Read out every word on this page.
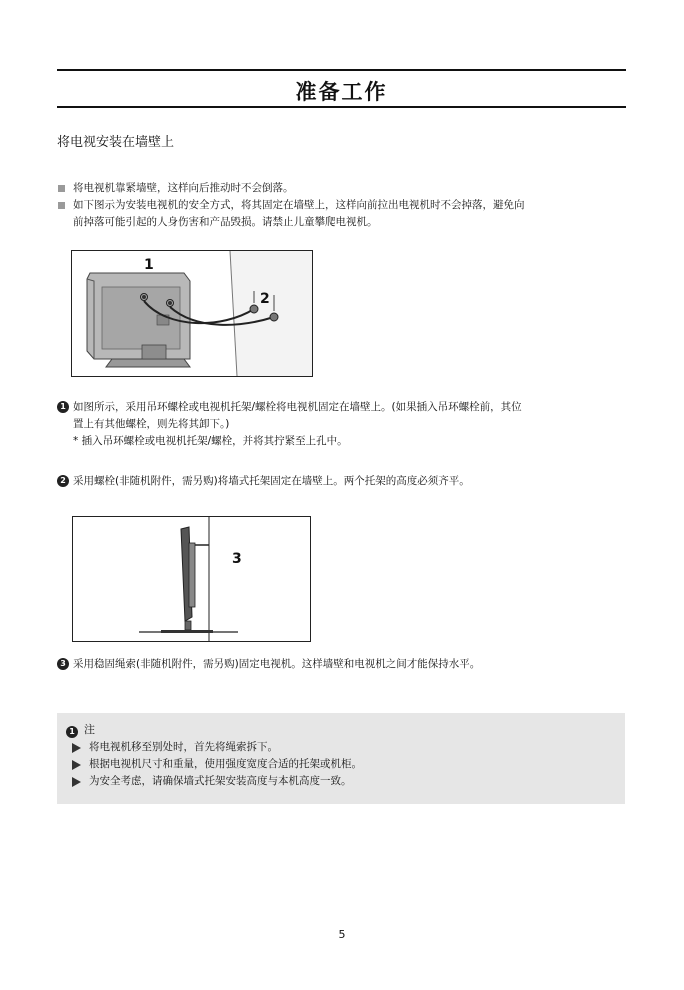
准备工作
将电视安装在墙壁上
将电视机靠紧墙壁，这样向后推动时不会倒落。
如下图示为安装电视机的安全方式，将其固定在墙壁上，这样向前拉出电视机时不会掉落，避免向
前掉落可能引起的人身伤害和产品毁损。请禁止儿童攀爬电视机。
1
2
1 如图所示，采用吊环螺栓或电视机托架/螺栓将电视机固定在墙壁上。(如果插入吊环螺栓前，其位
置上有其他螺栓，则先将其卸下。)
* 插入吊环螺栓或电视机托架/螺栓，并将其拧紧至上孔中。
2 采用螺栓(非随机附件，需另购)将墙式托架固定在墙壁上。两个托架的高度必须齐平。
3
3 采用稳固绳索(非随机附件，需另购)固定电视机。这样墙壁和电视机之间才能保持水平。
1 注
将电视机移至别处时，首先将绳索拆下。
根据电视机尺寸和重量，使用强度宽度合适的托架或机柜。
为安全考虑，请确保墙式托架安装高度与本机高度一致。
5
